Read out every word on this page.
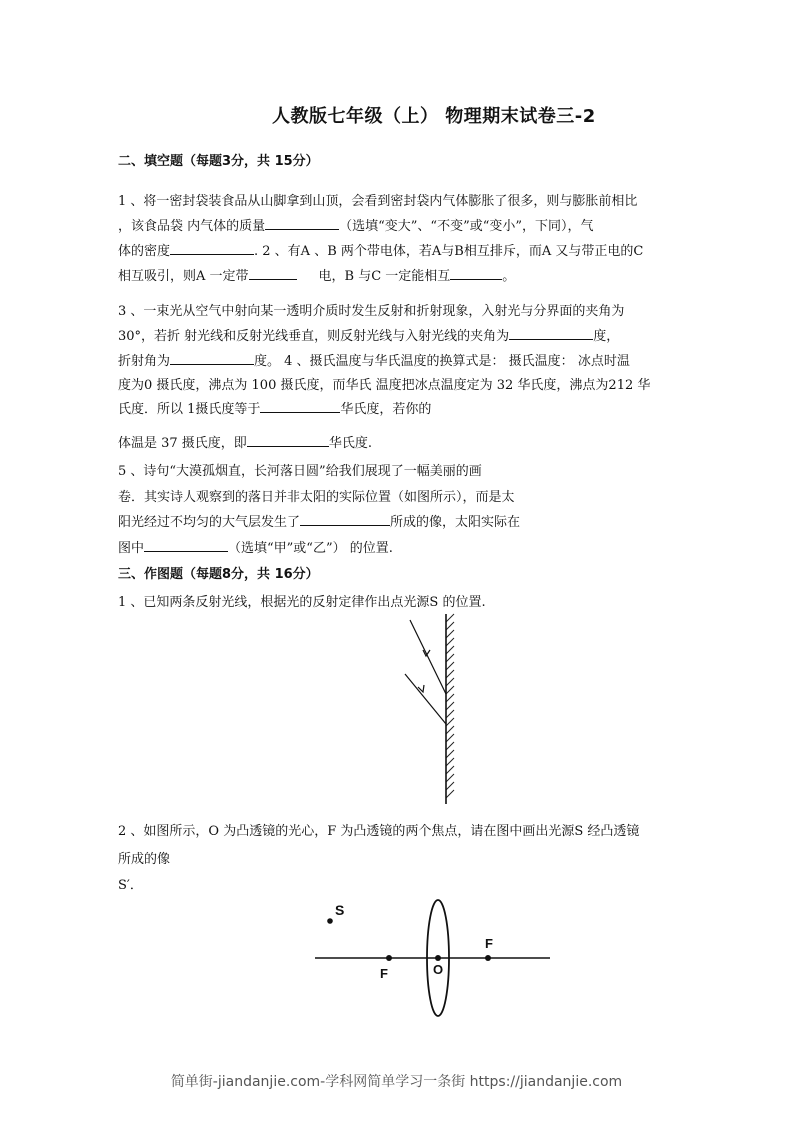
人教版七年级（上） 物理期末试卷三-2
二、填空题（每题3分，共 15分）
1 、将一密封袋装食品从山脚拿到山顶，会看到密封袋内气体膨胀了很多，则与膨胀前相比
，该食品袋 内气体的质量	（选填“变大”、“不变”或“变小”，下同），气
体的密度	. 2 、有A 、B 两个带电体，若A与B相互排斥，而A 又与带正电的C
相互吸引，则A 一定带	电，B 与C 一定能相互	。
3 、一束光从空气中射向某一透明介质时发生反射和折射现象，入射光与分界面的夹角为
30°，若折 射光线和反射光线垂直，则反射光线与入射光线的夹角为	度，
折射角为	度。 4 、摄氏温度与华氏温度的换算式是： 摄氏温度： 冰点时温
度为0 摄氏度，沸点为 100 摄氏度，而华氏 温度把冰点温度定为 32 华氏度，沸点为212 华
氏度．所以 1摄氏度等于	华氏度，若你的
体温是 37 摄氏度，即	华氏度.
5 、诗句“大漠孤烟直，长河落日圆”给我们展现了一幅美丽的画
卷．其实诗人观察到的落日并非太阳的实际位置（如图所示），而是太
阳光经过不均匀的大气层发生了	所成的像，太阳实际在
图中	（选填“甲”或“乙”） 的位置.
三、作图题（每题8分，共 16分）
1 、已知两条反射光线，根据光的反射定律作出点光源S 的位置.
2 、如图所示，O 为凸透镜的光心，F 为凸透镜的两个焦点，请在图中画出光源S 经凸透镜
所成的像
S′．
S
F	O
F
简单街-jiandanjie.com-学科网简单学习一条街 https://jiandanjie.com
